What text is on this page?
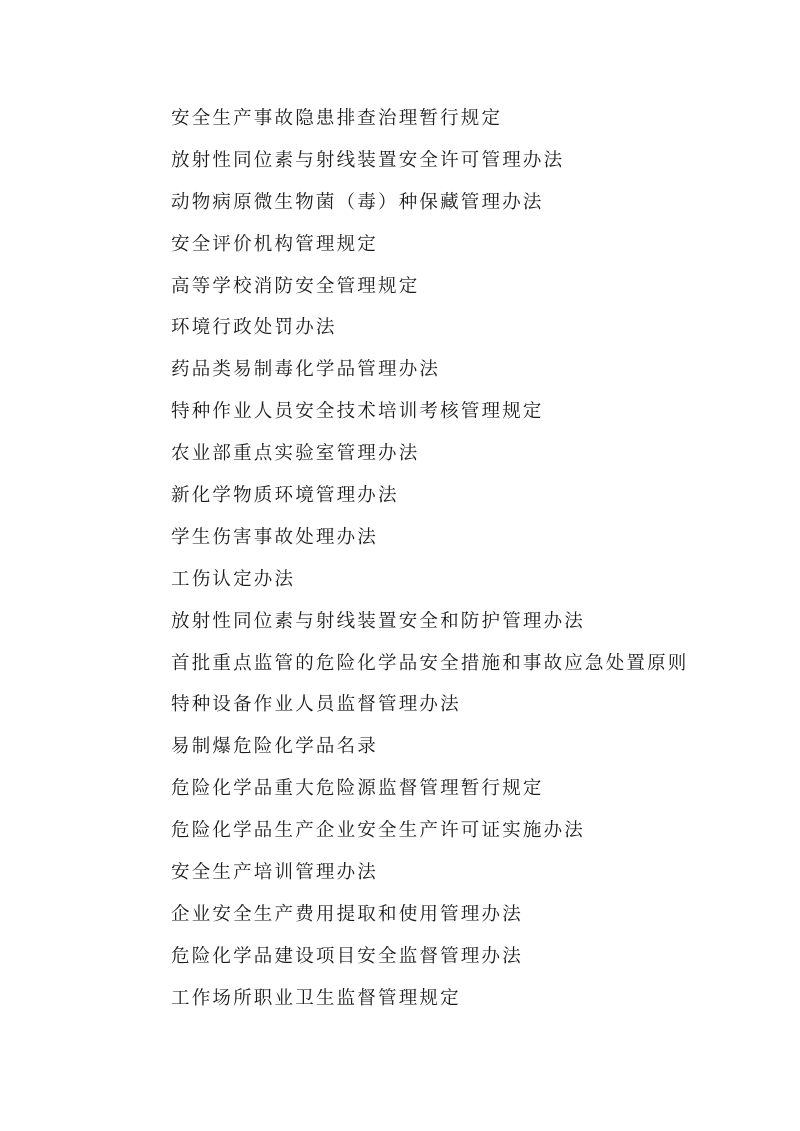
安全生产事故隐患排查治理暂行规定
放射性同位素与射线装置安全许可管理办法
动物病原微生物菌（毒）种保藏管理办法
安全评价机构管理规定
高等学校消防安全管理规定
环境行政处罚办法
药品类易制毒化学品管理办法
特种作业人员安全技术培训考核管理规定
农业部重点实验室管理办法
新化学物质环境管理办法
学生伤害事故处理办法
工伤认定办法
放射性同位素与射线装置安全和防护管理办法
首批重点监管的危险化学品安全措施和事故应急处置原则
特种设备作业人员监督管理办法
易制爆危险化学品名录
危险化学品重大危险源监督管理暂行规定
危险化学品生产企业安全生产许可证实施办法
安全生产培训管理办法
企业安全生产费用提取和使用管理办法
危险化学品建设项目安全监督管理办法
工作场所职业卫生监督管理规定
